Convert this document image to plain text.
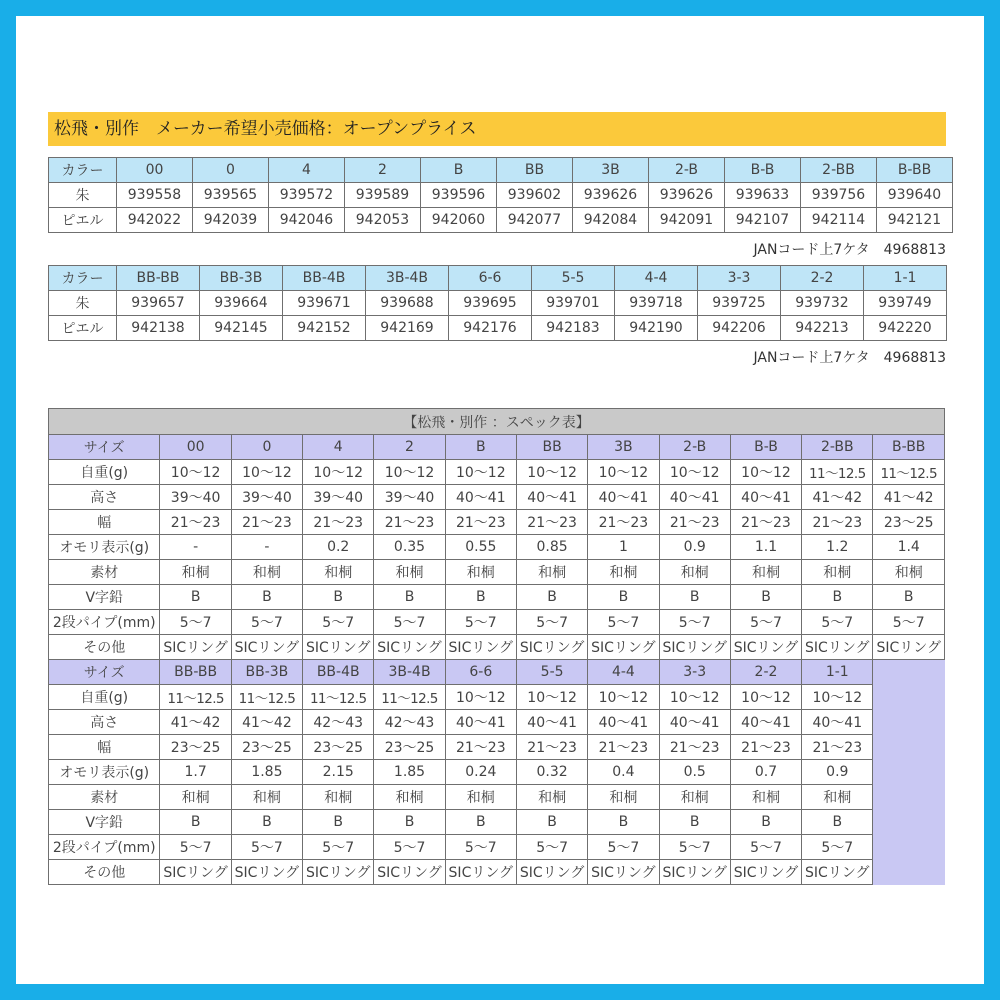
松飛・別作　メーカー希望小売価格：オープンプライス
カラー	00	0	4	2	B	BB	3B	2-B	B-B	2-BB	B-BB
朱	939558	939565	939572	939589	939596	939602	939626	939626	939633	939756	939640
ピエル	942022	942039	942046	942053	942060	942077	942084	942091	942107	942114	942121
JANコード上7ケタ　4968813
カラー	BB-BB	BB-3B	BB-4B	3B-4B	6-6	5-5	4-4	3-3	2-2	1-1
朱	939657	939664	939671	939688	939695	939701	939718	939725	939732	939749
ピエル	942138	942145	942152	942169	942176	942183	942190	942206	942213	942220
JANコード上7ケタ　4968813
【松飛・別作 ：スペック表】											
サイズ	00	0	4	2	B	BB	3B	2-B	B-B	2-BB	B-BB
自重(g)	10～12	10～12	10～12	10～12	10～12	10～12	10～12	10～12	10～12	11～12.5	11～12.5
高さ	39～40	39～40	39～40	39～40	40～41	40～41	40～41	40～41	40～41	41～42	41～42
幅	21～23	21～23	21～23	21～23	21～23	21～23	21～23	21～23	21～23	21～23	23～25
オモリ表示(g)	-	-	0.2	0.35	0.55	0.85	1	0.9	1.1	1.2	1.4
素材	和桐	和桐	和桐	和桐	和桐	和桐	和桐	和桐	和桐	和桐	和桐
V字鉛	B	B	B	B	B	B	B	B	B	B	B
2段パイプ(mm)	5～7	5～7	5～7	5～7	5～7	5～7	5～7	5～7	5～7	5～7	5～7
その他	SICリング	SICリング	SICリング	SICリング	SICリング	SICリング	SICリング	SICリング	SICリング	SICリング	SICリング
サイズ	BB-BB	BB-3B	BB-4B	3B-4B	6-6	5-5	4-4	3-3	2-2	1-1	
自重(g)	11～12.5	11～12.5	11～12.5	11～12.5	10～12	10～12	10～12	10～12	10～12	10～12	
高さ	41～42	41～42	42～43	42～43	40～41	40～41	40～41	40～41	40～41	40～41	
幅	23～25	23～25	23～25	23～25	21～23	21～23	21～23	21～23	21～23	21～23	
オモリ表示(g)	1.7	1.85	2.15	1.85	0.24	0.32	0.4	0.5	0.7	0.9	
素材	和桐	和桐	和桐	和桐	和桐	和桐	和桐	和桐	和桐	和桐	
V字鉛	B	B	B	B	B	B	B	B	B	B	
2段パイプ(mm)	5～7	5～7	5～7	5～7	5～7	5～7	5～7	5～7	5～7	5～7	
その他	SICリング	SICリング	SICリング	SICリング	SICリング	SICリング	SICリング	SICリング	SICリング	SICリング	
